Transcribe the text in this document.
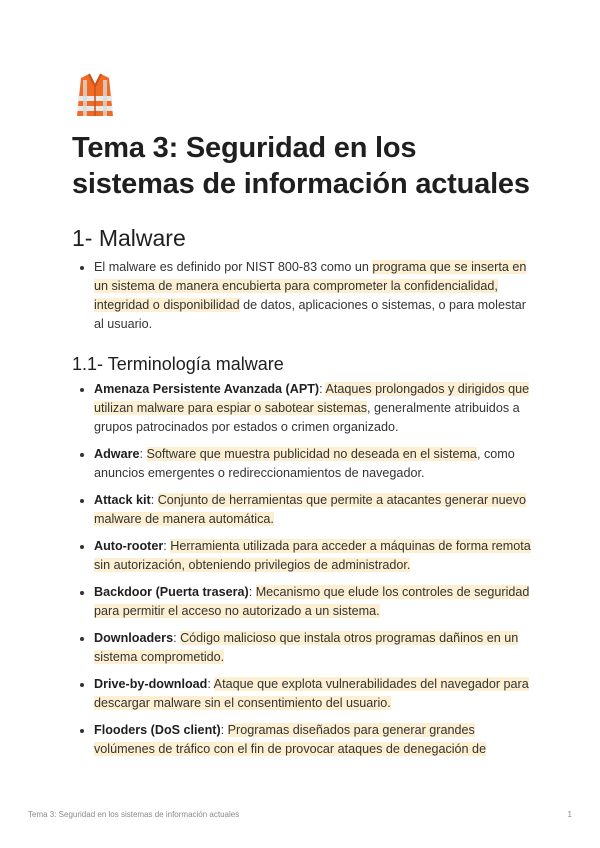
Tema 3: Seguridad en los sistemas de información actuales
1- Malware
El malware es definido por NIST 800-83 como un programa que se inserta en un sistema de manera encubierta para comprometer la confidencialidad, integridad o disponibilidad de datos, aplicaciones o sistemas, o para molestar al usuario.
1.1- Terminología malware
Amenaza Persistente Avanzada (APT): Ataques prolongados y dirigidos que utilizan malware para espiar o sabotear sistemas, generalmente atribuidos a grupos patrocinados por estados o crimen organizado.
Adware: Software que muestra publicidad no deseada en el sistema, como anuncios emergentes o redireccionamientos de navegador.
Attack kit: Conjunto de herramientas que permite a atacantes generar nuevo malware de manera automática.
Auto-rooter: Herramienta utilizada para acceder a máquinas de forma remota sin autorización, obteniendo privilegios de administrador.
Backdoor (Puerta trasera): Mecanismo que elude los controles de seguridad para permitir el acceso no autorizado a un sistema.
Downloaders: Código malicioso que instala otros programas dañinos en un sistema comprometido.
Drive-by-download: Ataque que explota vulnerabilidades del navegador para descargar malware sin el consentimiento del usuario.
Flooders (DoS client): Programas diseñados para generar grandes volúmenes de tráfico con el fin de provocar ataques de denegación de
Tema 3: Seguridad en los sistemas de información actuales	1
